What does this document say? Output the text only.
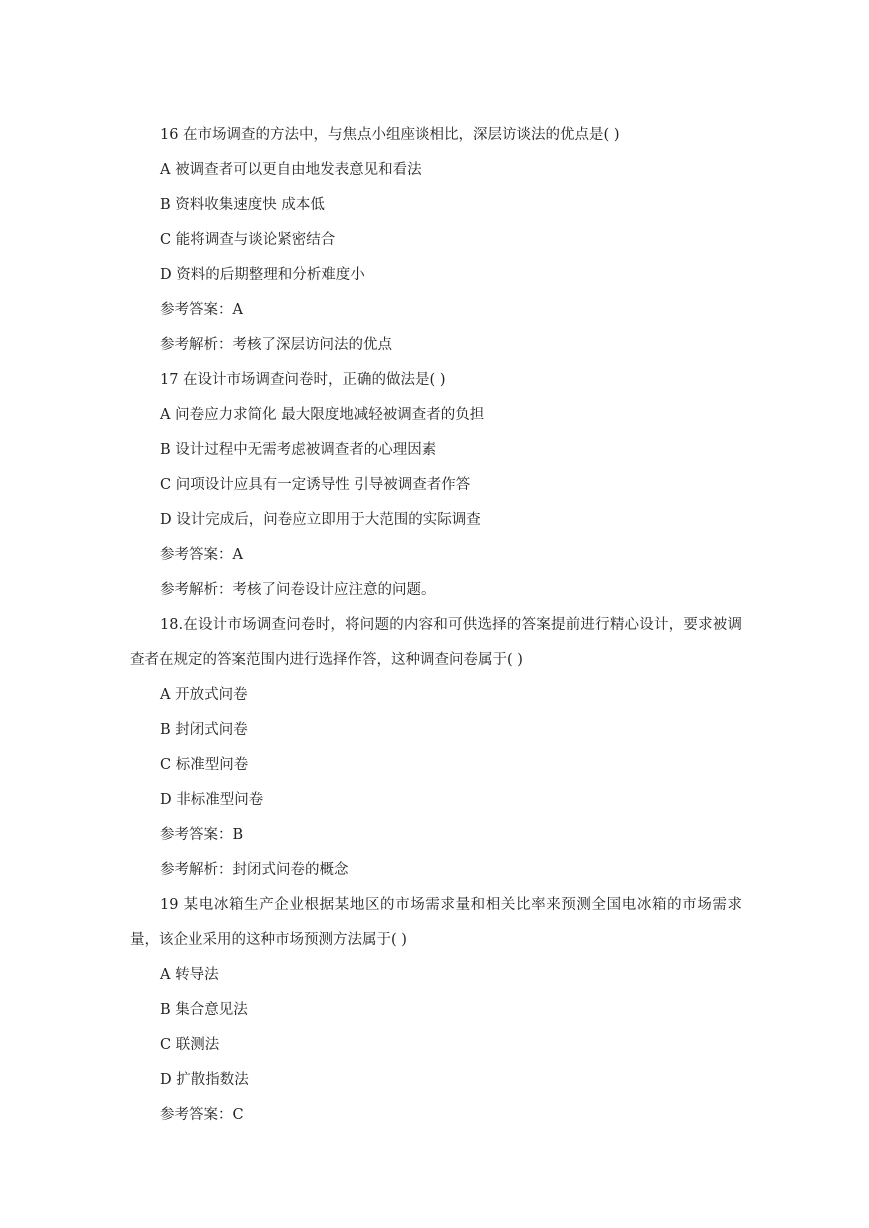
16 在市场调查的方法中，与焦点小组座谈相比，深层访谈法的优点是( )
A 被调查者可以更自由地发表意见和看法
B 资料收集速度快 成本低
C 能将调查与谈论紧密结合
D 资料的后期整理和分析难度小
参考答案：A
参考解析：考核了深层访问法的优点
17 在设计市场调查问卷时，正确的做法是( )
A 问卷应力求简化 最大限度地减轻被调查者的负担
B 设计过程中无需考虑被调查者的心理因素
C 问项设计应具有一定诱导性 引导被调查者作答
D 设计完成后，问卷应立即用于大范围的实际调查
参考答案：A
参考解析：考核了问卷设计应注意的问题。
18.在设计市场调查问卷时，将问题的内容和可供选择的答案提前进行精心设计，要求被调查者在规定的答案范围内进行选择作答，这种调查问卷属于( )
A 开放式问卷
B 封闭式问卷
C 标准型问卷
D 非标准型问卷
参考答案：B
参考解析：封闭式问卷的概念
19 某电冰箱生产企业根据某地区的市场需求量和相关比率来预测全国电冰箱的市场需求量，该企业采用的这种市场预测方法属于( )
A 转导法
B 集合意见法
C 联测法
D 扩散指数法
参考答案：C
